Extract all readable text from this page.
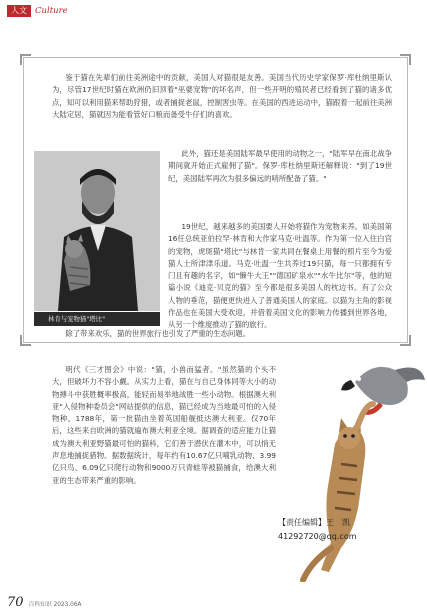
人文 Culture

鉴于猫在先辈们前往美洲途中的贡献，美国人对猫很是友善。美国当代历史学家保罗·库杜纳里斯认为，尽管17世纪时猫在欧洲仍旧顶着"巫婆宠物"的坏名声，但一些开明的殖民者已经看到了猫的诸多优点，知可以利用猫来帮助狩猎，或者捕捉老鼠，控制害虫等。在美国的西进运动中，猫跟着一起前往美洲大陆定居，猫就因为能看管好口粮而备受牛仔们的喜欢。

此外，猫还是美国陆军最早使用的动物之一，"陆军早在南北战争期间就开始正式雇佣了猫"。保罗·库杜纳里斯还解释说："到了19世纪，美国陆军再次为很多偏远的哨所配备了猫。"

19世纪，越来越多的美国要人开始将猫作为宠物来养。如美国第16任总统亚伯拉罕·林肯和大作家马克·吐温等。作为第一位入住白宫的宠物，虎斑猫"塔比"与林肯一家共同在餐桌上用餐的照片至今为爱猫人士所津津乐道。马克·吐温一生共养过19只猫，每一只都拥有专门且有趣的名字，如"懒牛大王""德国矿泉水""水牛比尔"等，他的短篇小说《迪克·贝克的猫》至今都是很多美国人的枕边书。有了公众人物的垂范，猫便更快进入了普通美国人的家庭。以猫为主角的影视作品也在美国大受欢迎，并借着美国文化的影响力传播到世界各地，从另一个维度推动了猫的旅行。

林肯与宠物猫"塔比"

除了带来欢乐，猫的世界旅行也引发了严重的生态问题。

明代《三才图会》中说："猫，小兽而猛者。"虽然猫的个头不大，但破坏力不容小觑。从实力上看，猫在与自己身体同等大小的动物搏斗中获胜概率极高，能轻而易举地战胜一些小动物。根据澳大利亚"入侵物种委员会"网站提供的信息，猫已经成为当地最可怕的入侵物种。1788年，第一批猫由坐着英国船舰抵达澳大利亚。仅70年后，这些来自欧洲的猫就遍布澳大利亚全境。据调查的适应能力让猫成为澳大利亚野猫最可怕的猫科，它们善于潜伏在灌木中，可以悄无声息地捕捉猎物。据数据统计，每年约有10.67亿只哺乳动物、3.99亿只鸟、6.09亿只爬行动物和9000万只青蛙等被猫捕食，给澳大利亚的生态带来严重的影响。

【责任编辑】王　凯
41292720@qq.com
70 百科知识 2023.06A
